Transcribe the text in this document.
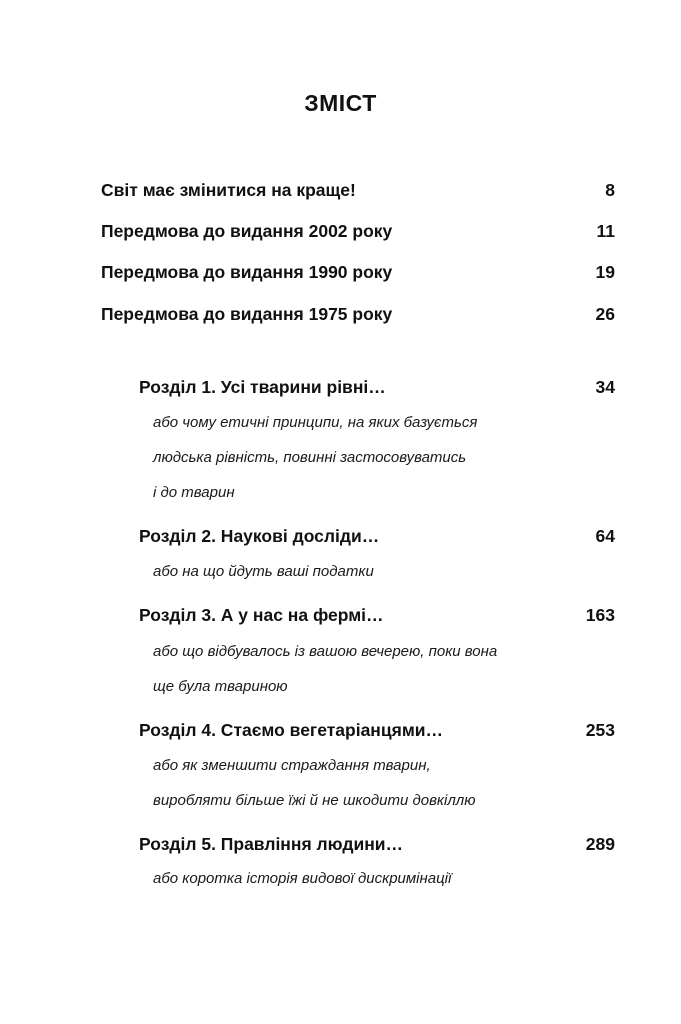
ЗМІСТ
Світ має змінитися на краще!	8
Передмова до видання 2002 року	11
Передмова до видання 1990 року	19
Передмова до видання 1975 року	26
Розділ 1. Усі тварини рівні…	34
або чому етичні принципи, на яких базується
людська рівність, повинні застосовуватись
і до тварин
Розділ 2. Наукові досліди…	64
або на що йдуть ваші податки
Розділ 3. А у нас на фермі…	163
або що відбувалось із вашою вечерею, поки вона
ще була твариною
Розділ 4. Стаємо вегетаріанцями…	253
або як зменшити страждання тварин,
виробляти більше їжі й не шкодити довкіллю
Розділ 5. Правління людини…	289
або коротка історія видової дискримінації
